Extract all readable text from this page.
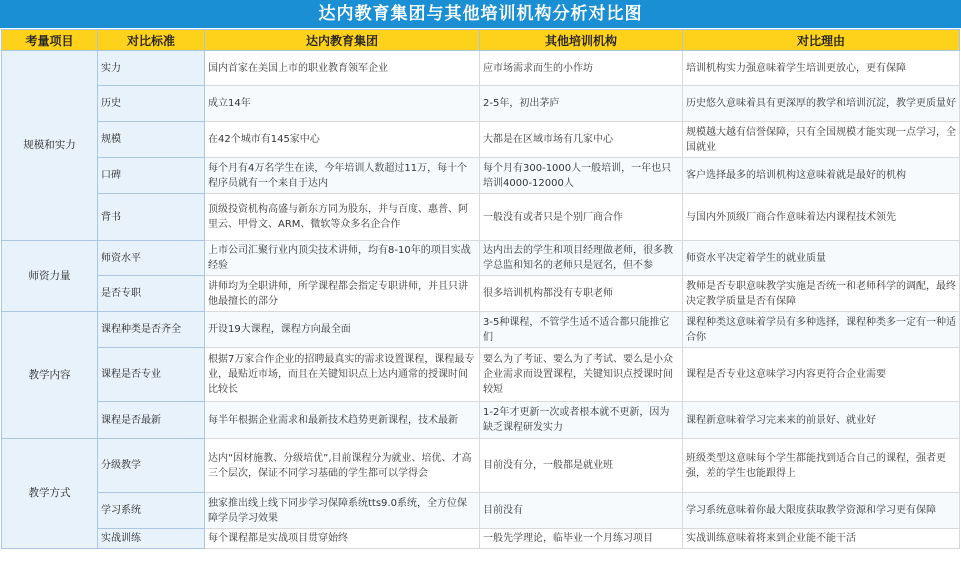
达内教育集团与其他培训机构分析对比图
考量项目	对比标准	达内教育集团	其他培训机构	对比理由
规模和实力	实力	国内首家在美国上市的职业教育领军企业	应市场需求而生的小作坊	培训机构实力强意味着学生培训更放心，更有保障
	历史	成立14年	2-5年，初出茅庐	历史悠久意味着具有更深厚的教学和培训沉淀，教学更质量好
	规模	在42个城市有145家中心	大都是在区域市场有几家中心	规模越大越有信誉保障，只有全国规模才能实现一点学习，全国就业
	口碑	每个月有4万名学生在读，今年培训人数超过11万，每十个程序员就有一个来自于达内	每个月有300-1000人一般培训，一年也只培训4000-12000人	客户选择最多的培训机构这意味着就是最好的机构
	背书	顶级投资机构高盛与新东方同为股东，并与百度、惠普、阿里云、甲骨文、ARM、微软等众多名企合作	一般没有或者只是个别厂商合作	与国内外顶级厂商合作意味着达内课程技术领先
师资力量	师资水平	上市公司汇聚行业内顶尖技术讲师，均有8-10年的项目实战经验	达内出去的学生和项目经理做老师，很多教学总监和知名的老师只是冠名，但不参	师资水平决定着学生的就业质量
	是否专职	讲师均为全职讲师，所学课程都会指定专职讲师，并且只讲他最擅长的部分	很多培训机构都没有专职老师	教师是否专职意味教学实施是否统一和老师科学的调配，最终决定教学质量是否有保障
教学内容	课程种类是否齐全	开设19大课程，课程方向最全面	3-5种课程，不管学生适不适合都只能推它们	课程种类这意味着学员有多种选择，课程种类多一定有一种适合你
	课程是否专业	根据7万家合作企业的招聘最真实的需求设置课程，课程最专业，最贴近市场，而且在关键知识点上达内通常的授课时间比较长	要么为了考证、要么为了考试、要么是小众企业需求而设置课程，关键知识点授课时间较短	课程是否专业这意味学习内容更符合企业需要
	课程是否最新	每半年根据企业需求和最新技术趋势更新课程，技术最新	1-2年才更新一次或者根本就不更新，因为缺乏课程研发实力	课程新意味着学习完来来的前景好、就业好
教学方式	分级教学	达内“因材施教、分级培优”,目前课程分为就业、培优、才高三个层次，保证不同学习基础的学生都可以学得会	目前没有分，一般都是就业班	班级类型这意味每个学生都能找到适合自己的课程，强者更强，差的学生也能跟得上
	学习系统	独家推出线上线下同步学习保障系统tts9.0系统，全方位保障学员学习效果	目前没有	学习系统意味着你最大限度获取教学资源和学习更有保障
	实战训练	每个课程都是实战项目贯穿始终	一般先学理论，临毕业一个月练习项目	实战训练意味着将来到企业能不能干活
